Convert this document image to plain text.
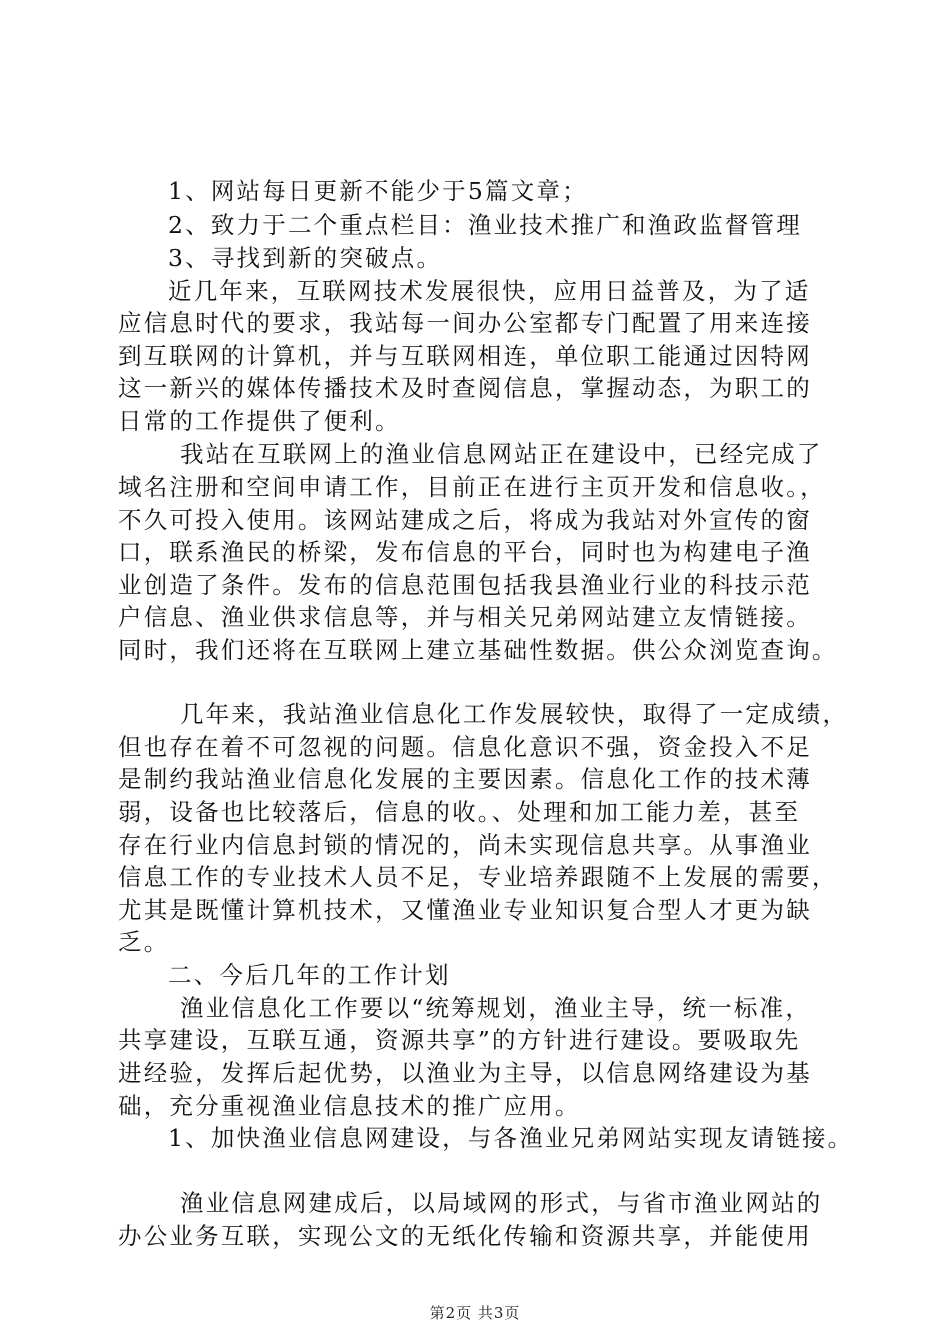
1、网站每日更新不能少于5篇文章；
2、致力于二个重点栏目：渔业技术推广和渔政监督管理
3、寻找到新的突破点。
近几年来，互联网技术发展很快，应用日益普及，为了适
应信息时代的要求，我站每一间办公室都专门配置了用来连接
到互联网的计算机，并与互联网相连，单位职工能通过因特网
这一新兴的媒体传播技术及时查阅信息，掌握动态，为职工的
日常的工作提供了便利。
我站在互联网上的渔业信息网站正在建设中，已经完成了
域名注册和空间申请工作，目前正在进行主页开发和信息收。，
不久可投入使用。该网站建成之后，将成为我站对外宣传的窗
口，联系渔民的桥梁，发布信息的平台，同时也为构建电子渔
业创造了条件。发布的信息范围包括我县渔业行业的科技示范
户信息、渔业供求信息等，并与相关兄弟网站建立友情链接。
同时，我们还将在互联网上建立基础性数据。供公众浏览查询。
几年来，我站渔业信息化工作发展较快，取得了一定成绩，
但也存在着不可忽视的问题。信息化意识不强，资金投入不足
是制约我站渔业信息化发展的主要因素。信息化工作的技术薄
弱，设备也比较落后，信息的收。、处理和加工能力差，甚至
存在行业内信息封锁的情况的，尚未实现信息共享。从事渔业
信息工作的专业技术人员不足，专业培养跟随不上发展的需要，
尤其是既懂计算机技术，又懂渔业专业知识复合型人才更为缺
乏。
二、今后几年的工作计划
渔业信息化工作要以“统筹规划，渔业主导，统一标准，
共享建设，互联互通，资源共享”的方针进行建设。要吸取先
进经验，发挥后起优势，以渔业为主导，以信息网络建设为基
础，充分重视渔业信息技术的推广应用。
1、加快渔业信息网建设，与各渔业兄弟网站实现友请链接。
渔业信息网建成后，以局域网的形式，与省市渔业网站的
办公业务互联，实现公文的无纸化传输和资源共享，并能使用
第2页 共3页
